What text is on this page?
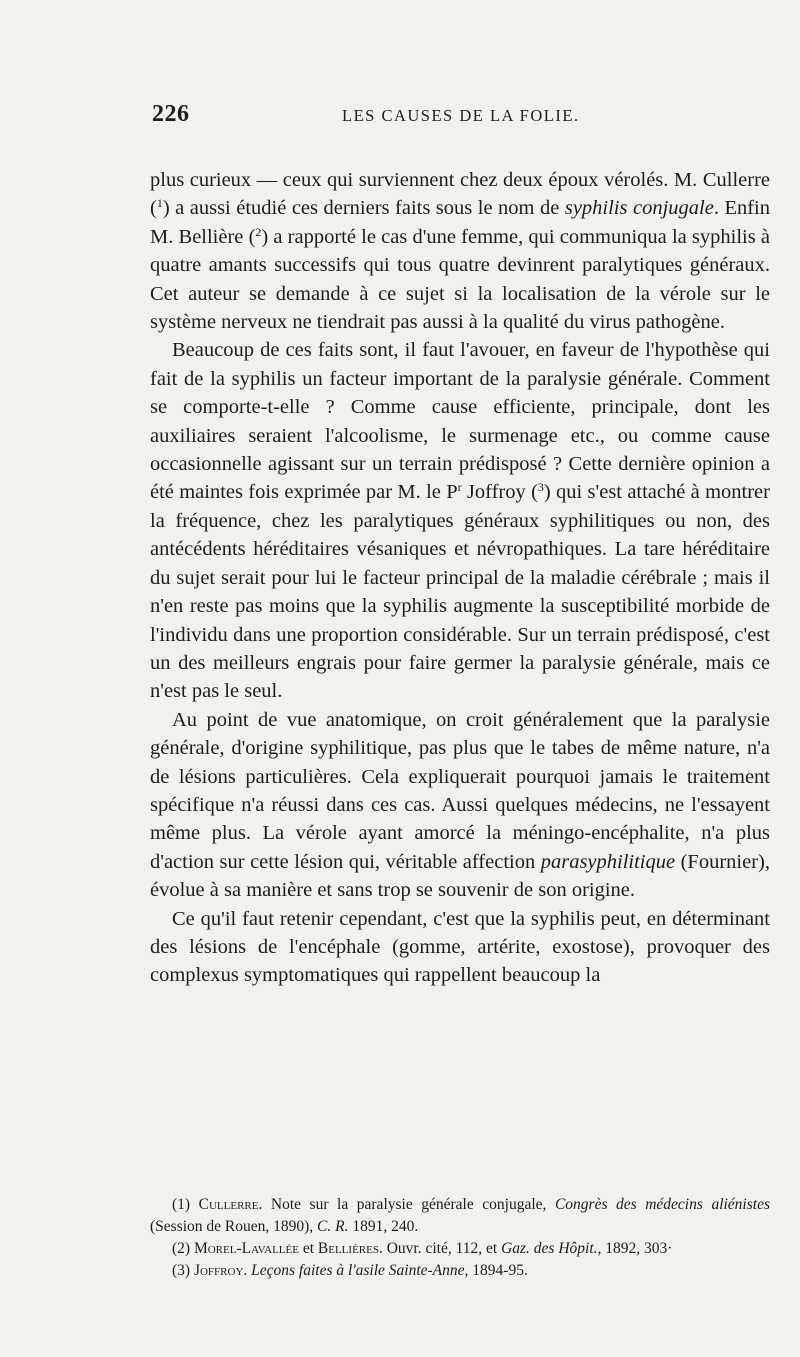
226	LES CAUSES DE LA FOLIE.

plus curieux — ceux qui surviennent chez deux époux vérolés. M. Cullerre ($^1$) a aussi étudié ces derniers faits sous le nom de syphilis conjugale. Enfin M. Bellière ($^2$) a rapporté le cas d'une femme, qui communiqua la syphilis à quatre amants successifs qui tous quatre devinrent paralytiques généraux. Cet auteur se demande à ce sujet si la localisation de la vérole sur le système nerveux ne tiendrait pas aussi à la qualité du virus pathogène.

Beaucoup de ces faits sont, il faut l'avouer, en faveur de l'hypothèse qui fait de la syphilis un facteur important de la paralysie générale. Comment se comporte-t-elle ? Comme cause efficiente, principale, dont les auxiliaires seraient l'alcoolisme, le surmenage etc., ou comme cause occasionnelle agissant sur un terrain prédisposé ? Cette dernière opinion a été maintes fois exprimée par M. le $P^r$ Joffroy ($^3$) qui s'est attaché à montrer la fréquence, chez les paralytiques généraux syphilitiques ou non, des antécédents héréditaires vésaniques et névropathiques. La tare héréditaire du sujet serait pour lui le facteur principal de la maladie cérébrale ; mais il n'en reste pas moins que la syphilis augmente la susceptibilité morbide de l'individu dans une proportion considérable. Sur un terrain prédisposé, c'est un des meilleurs engrais pour faire germer la paralysie générale, mais ce n'est pas le seul.

Au point de vue anatomique, on croit généralement que la paralysie générale, d'origine syphilitique, pas plus que le tabes de même nature, n'a de lésions particulières. Cela expliquerait pourquoi jamais le traitement spécifique n'a réussi dans ces cas. Aussi quelques médecins, ne l'essayent même plus. La vérole ayant amorcé la méningo-encéphalite, n'a plus d'action sur cette lésion qui, véritable affection parasyphilitique (Fournier), évolue à sa manière et sans trop se souvenir de son origine.

Ce qu'il faut retenir cependant, c'est que la syphilis peut, en déterminant des lésions de l'encéphale (gomme, artérite, exostose), provoquer des complexus symptomatiques qui rappellent beaucoup la

(1) Cullerre. Note sur la paralysie générale conjugale, Congrès des médecins aliénistes (Session de Rouen, 1890), C. R. 1891, 240.

(2) Morel-Lavallée et Bellières. Ouvr. cité, 112, et Gaz. des Hôpit., 1892, 303·

(3) Joffroy. Leçons faites à l'asile Sainte-Anne, 1894-95.
